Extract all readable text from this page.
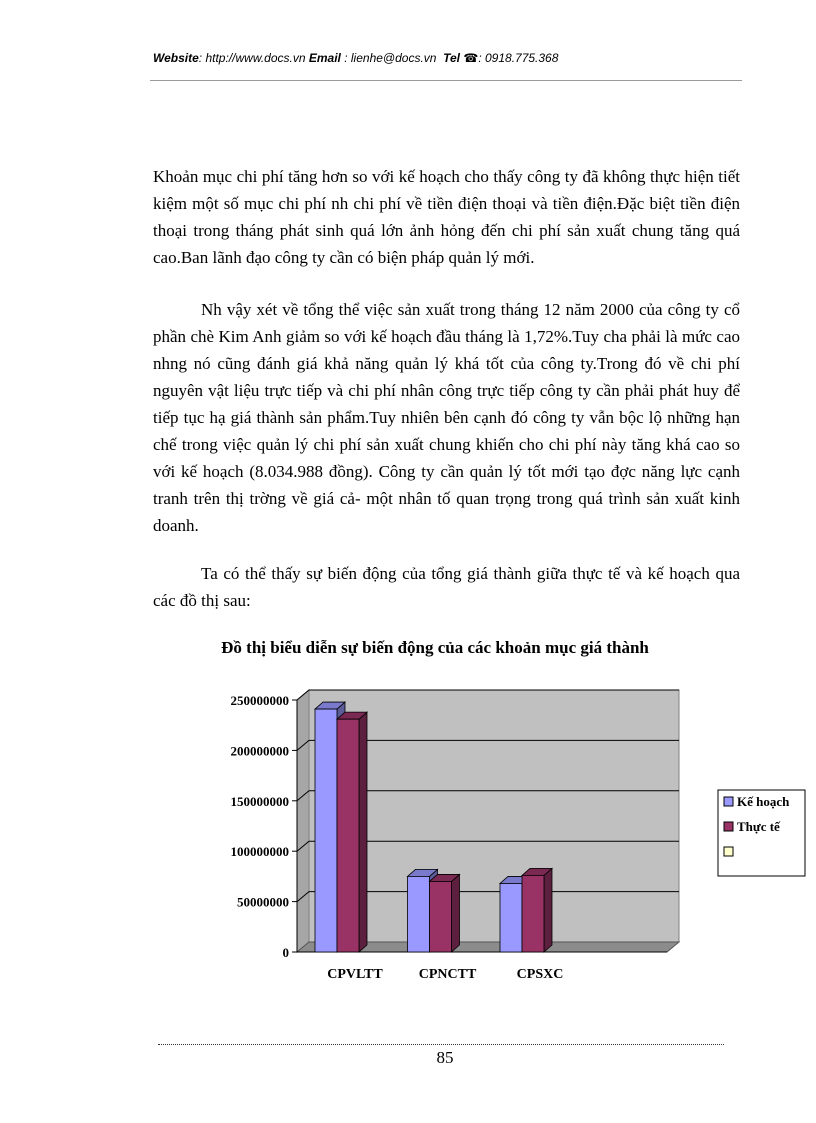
Website: http://www.docs.vn Email : lienhe@docs.vn Tel ☎: 0918.775.368

Khoản mục chi phí tăng hơn so với kế hoạch cho thấy công ty đã không thực hiện tiết kiệm một số mục chi phí nh chi phí về tiền điện thoại và tiền điện.Đặc biệt tiền điện thoại trong tháng phát sinh quá lớn ảnh hỏng đến chi phí sản xuất chung tăng quá cao.Ban lãnh đạo công ty cần có biện pháp quản lý mới.

Nh vậy xét về tổng thể việc sản xuất trong tháng 12 năm 2000 của công ty cổ phần chè Kim Anh giảm so với kế hoạch đầu tháng là 1,72%.Tuy cha phải là mức cao nhng nó cũng đánh giá khả năng quản lý khá tốt của công ty.Trong đó về chi phí nguyên vật liệu trực tiếp và chi phí nhân công trực tiếp công ty cần phải phát huy để tiếp tục hạ giá thành sản phẩm.Tuy nhiên bên cạnh đó công ty vẫn bộc lộ những hạn chế trong việc quản lý chi phí sản xuất chung khiến cho chi phí này tăng khá cao so với kế hoạch (8.034.988 đồng). Công ty cần quản lý tốt mới tạo đợc năng lực cạnh tranh trên thị trờng về giá cả- một nhân tố quan trọng trong quá trình sản xuất kinh doanh.

Ta có thể thấy sự biến động của tổng giá thành giữa thực tế và kế hoạch qua các đồ thị sau:

Đồ thị biểu diễn sự biến động của các khoản mục giá thành
0
50000000
100000000
150000000
200000000
250000000
CPVLTT	CPNCTT	CPSXC
Kế hoạch
Thực tế
85
